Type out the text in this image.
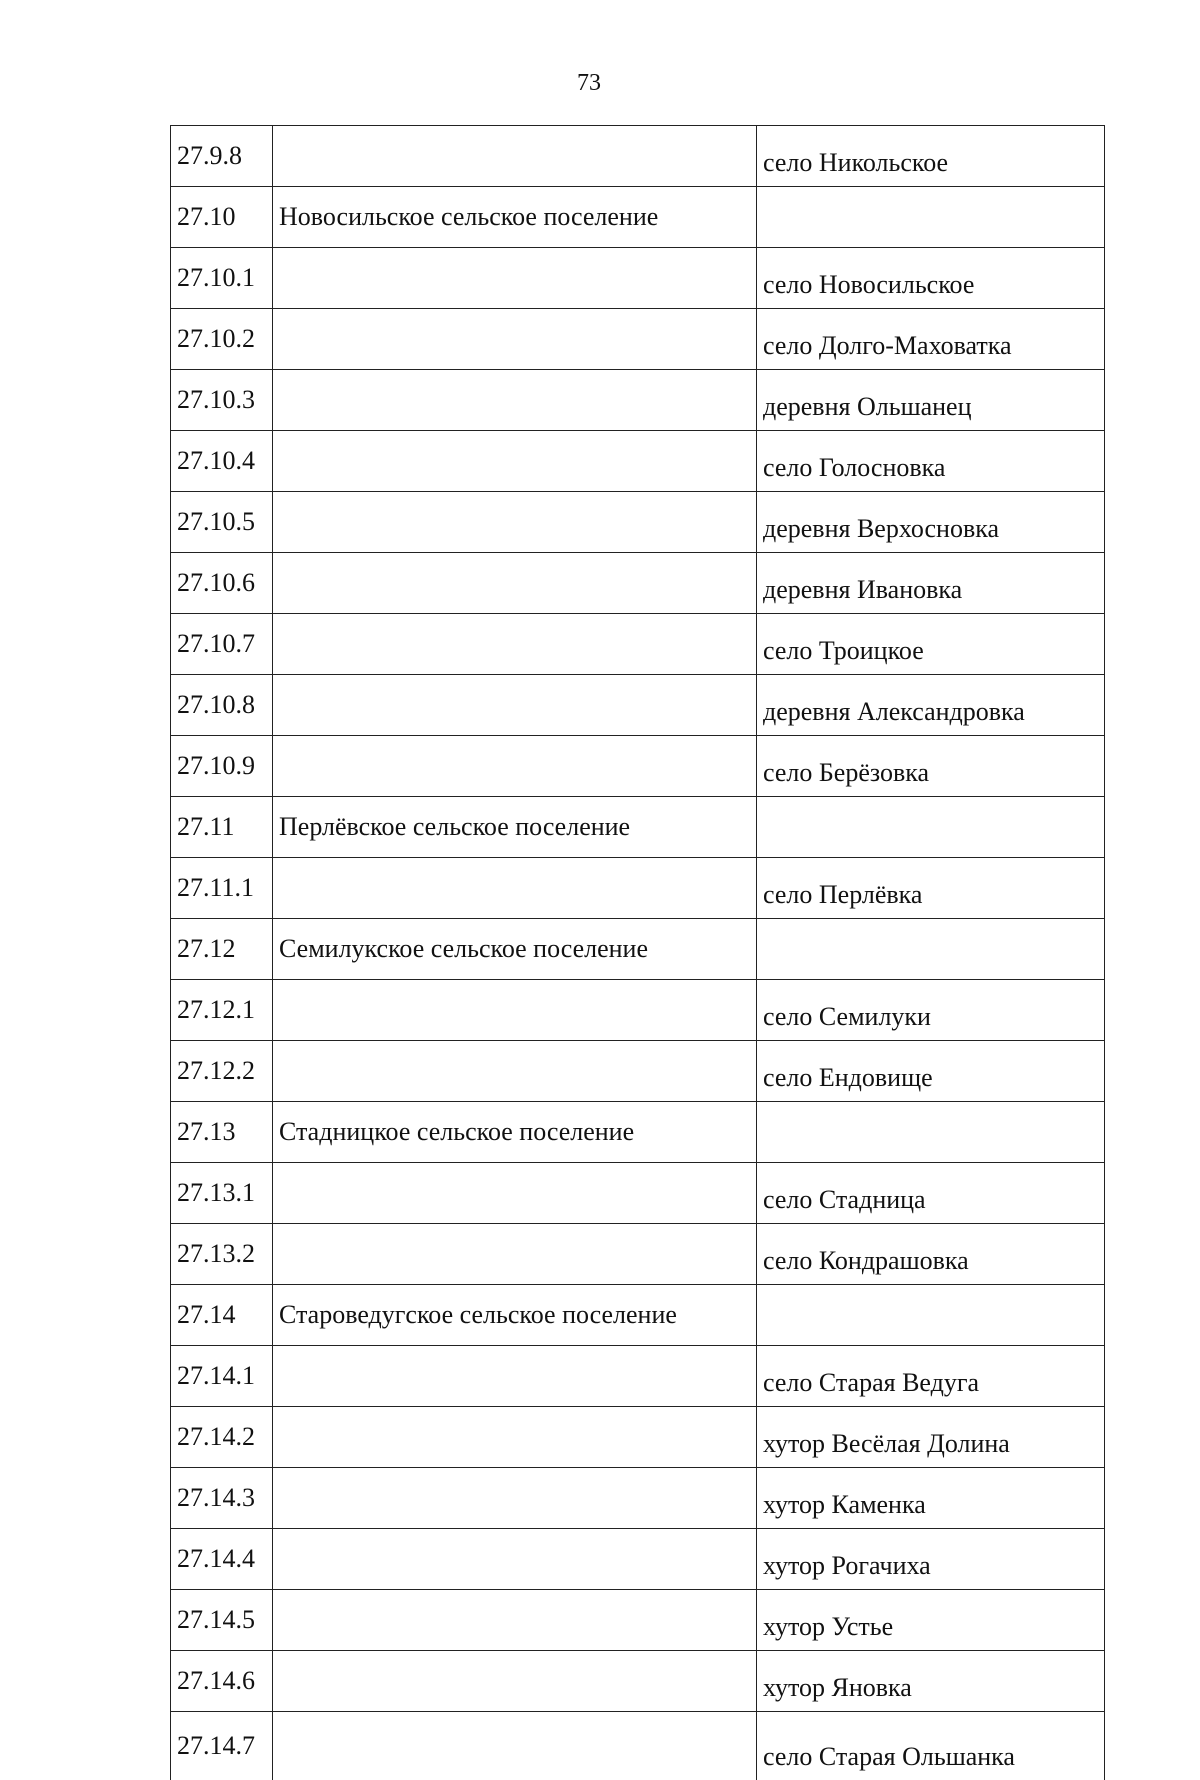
73
27.9.8		село Никольское
27.10	Новосильское сельское поселение	
27.10.1		село Новосильское
27.10.2		село Долго-Маховатка
27.10.3		деревня Ольшанец
27.10.4		село Голосновка
27.10.5		деревня Верхосновка
27.10.6		деревня Ивановка
27.10.7		село Троицкое
27.10.8		деревня Александровка
27.10.9		село Берёзовка
27.11	Перлёвское сельское поселение	
27.11.1		село Перлёвка
27.12	Семилукское сельское поселение	
27.12.1		село Семилуки
27.12.2		село Ендовище
27.13	Стадницкое сельское поселение	
27.13.1		село Стадница
27.13.2		село Кондрашовка
27.14	Староведугское сельское поселение	
27.14.1		село Старая Ведуга
27.14.2		хутор Весёлая Долина
27.14.3		хутор Каменка
27.14.4		хутор Рогачиха
27.14.5		хутор Устье
27.14.6		хутор Яновка
27.14.7		село Старая Ольшанка
